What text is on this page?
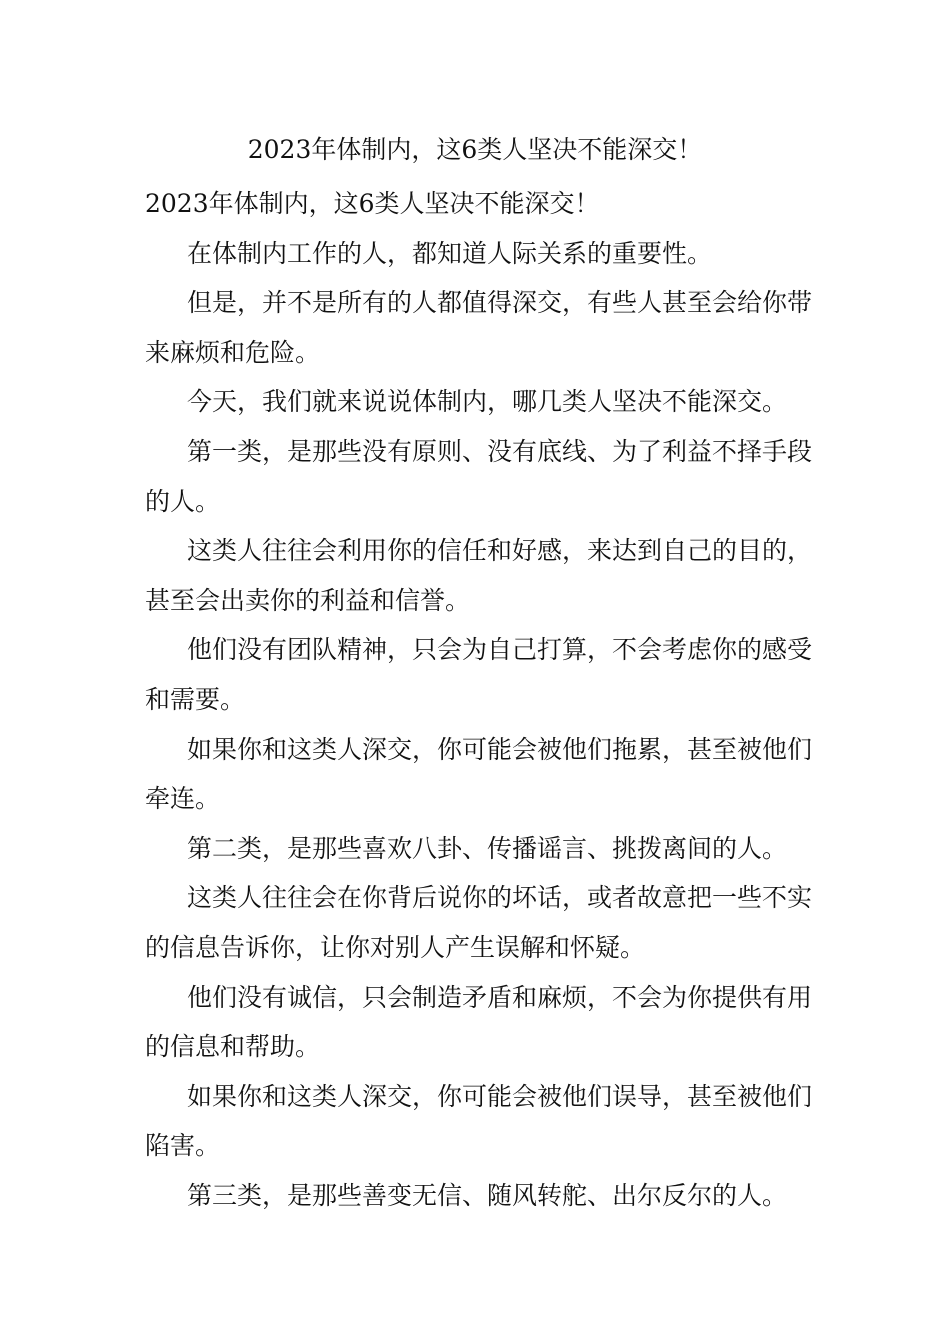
2023年体制内，这6类人坚决不能深交！

2023年体制内，这6类人坚决不能深交！

在体制内工作的人，都知道人际关系的重要性。

但是，并不是所有的人都值得深交，有些人甚至会给你带来麻烦和危险。

今天，我们就来说说体制内，哪几类人坚决不能深交。

第一类，是那些没有原则、没有底线、为了利益不择手段的人。

这类人往往会利用你的信任和好感，来达到自己的目的，甚至会出卖你的利益和信誉。

他们没有团队精神，只会为自己打算，不会考虑你的感受和需要。

如果你和这类人深交，你可能会被他们拖累，甚至被他们牵连。

第二类，是那些喜欢八卦、传播谣言、挑拨离间的人。

这类人往往会在你背后说你的坏话，或者故意把一些不实的信息告诉你，让你对别人产生误解和怀疑。

他们没有诚信，只会制造矛盾和麻烦，不会为你提供有用的信息和帮助。

如果你和这类人深交，你可能会被他们误导，甚至被他们陷害。

第三类，是那些善变无信、随风转舵、出尔反尔的人。
